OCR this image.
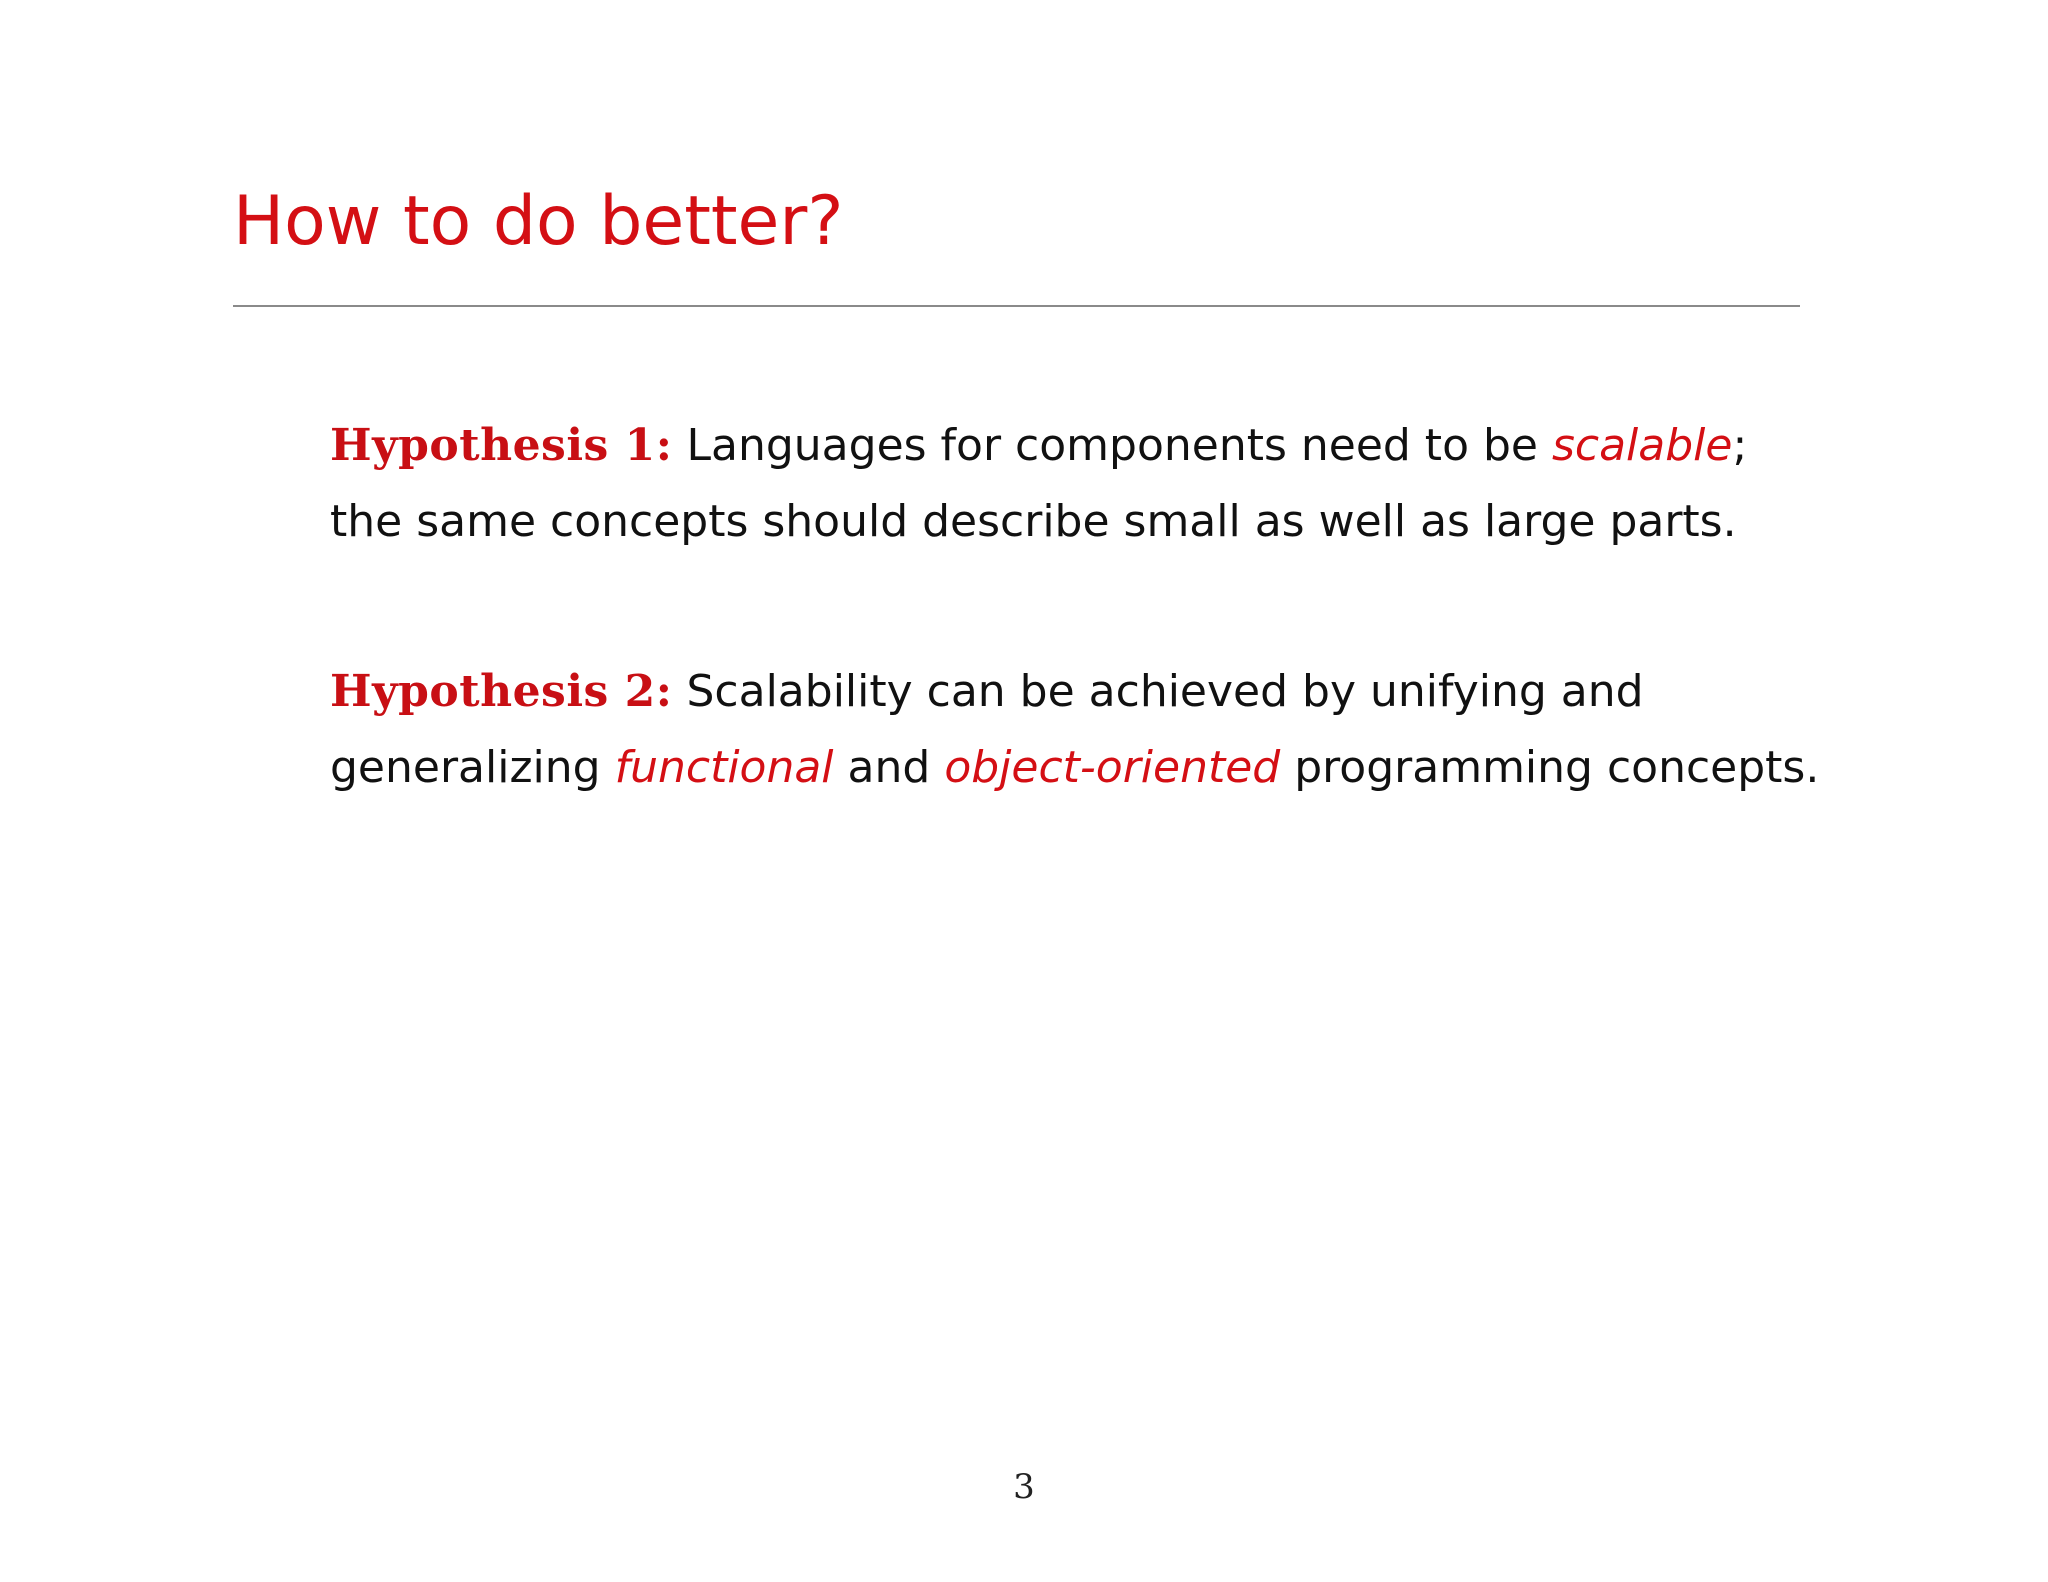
How to do better?

Hypothesis 1: Languages for components need to be scalable;
the same concepts should describe small as well as large parts.

Hypothesis 2: Scalability can be achieved by unifying and
generalizing functional and object-oriented programming concepts.

3
